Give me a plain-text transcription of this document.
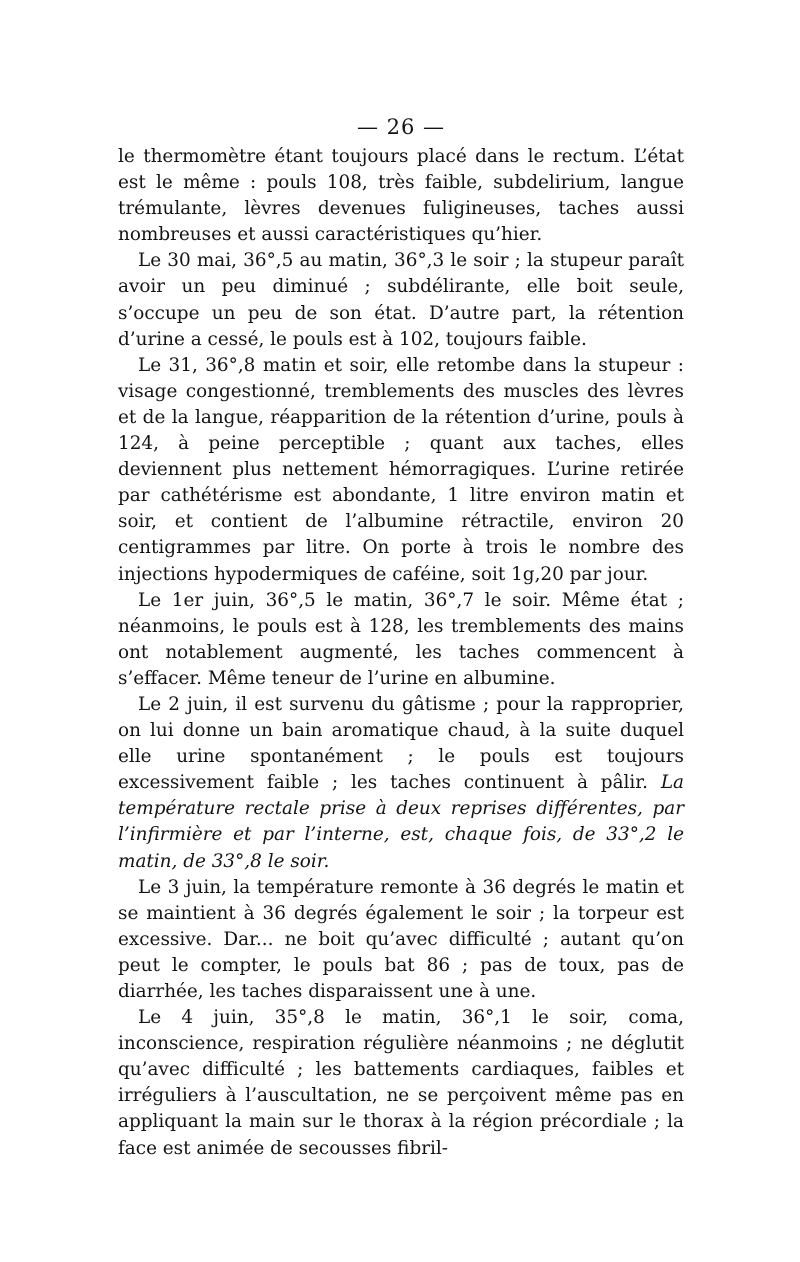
— 26 —

le thermomètre étant toujours placé dans le rectum. L’état est le même : pouls 108, très faible, subdelirium, langue trémulante, lèvres devenues fuligineuses, taches aussi nombreuses et aussi caractéristiques qu’hier.

Le 30 mai, 36°,5 au matin, 36°,3 le soir ; la stupeur paraît avoir un peu diminué ; subdélirante, elle boit seule, s’occupe un peu de son état. D’autre part, la rétention d’urine a cessé, le pouls est à 102, toujours faible.

Le 31, 36°,8 matin et soir, elle retombe dans la stupeur : visage congestionné, tremblements des muscles des lèvres et de la langue, réapparition de la rétention d’urine, pouls à 124, à peine perceptible ; quant aux taches, elles deviennent plus nettement hémorragiques. L’urine retirée par cathétérisme est abondante, 1 litre environ matin et soir, et contient de l’albumine rétractile, environ 20 centigrammes par litre. On porte à trois le nombre des injections hypodermiques de caféine, soit 1g,20 par jour.

Le 1er juin, 36°,5 le matin, 36°,7 le soir. Même état ; néanmoins, le pouls est à 128, les tremblements des mains ont notablement augmenté, les taches commencent à s’effacer. Même teneur de l’urine en albumine.

Le 2 juin, il est survenu du gâtisme ; pour la rapproprier, on lui donne un bain aromatique chaud, à la suite duquel elle urine spontanément ; le pouls est toujours excessivement faible ; les taches continuent à pâlir. La température rectale prise à deux reprises différentes, par l’infirmière et par l’interne, est, chaque fois, de 33°,2 le matin, de 33°,8 le soir.

Le 3 juin, la température remonte à 36 degrés le matin et se maintient à 36 degrés également le soir ; la torpeur est excessive. Dar... ne boit qu’avec difficulté ; autant qu’on peut le compter, le pouls bat 86 ; pas de toux, pas de diarrhée, les taches disparaissent une à une.

Le 4 juin, 35°,8 le matin, 36°,1 le soir, coma, inconscience, respiration régulière néanmoins ; ne déglutit qu’avec difficulté ; les battements cardiaques, faibles et irréguliers à l’auscultation, ne se perçoivent même pas en appliquant la main sur le thorax à la région précordiale ; la face est animée de secousses fibril-
